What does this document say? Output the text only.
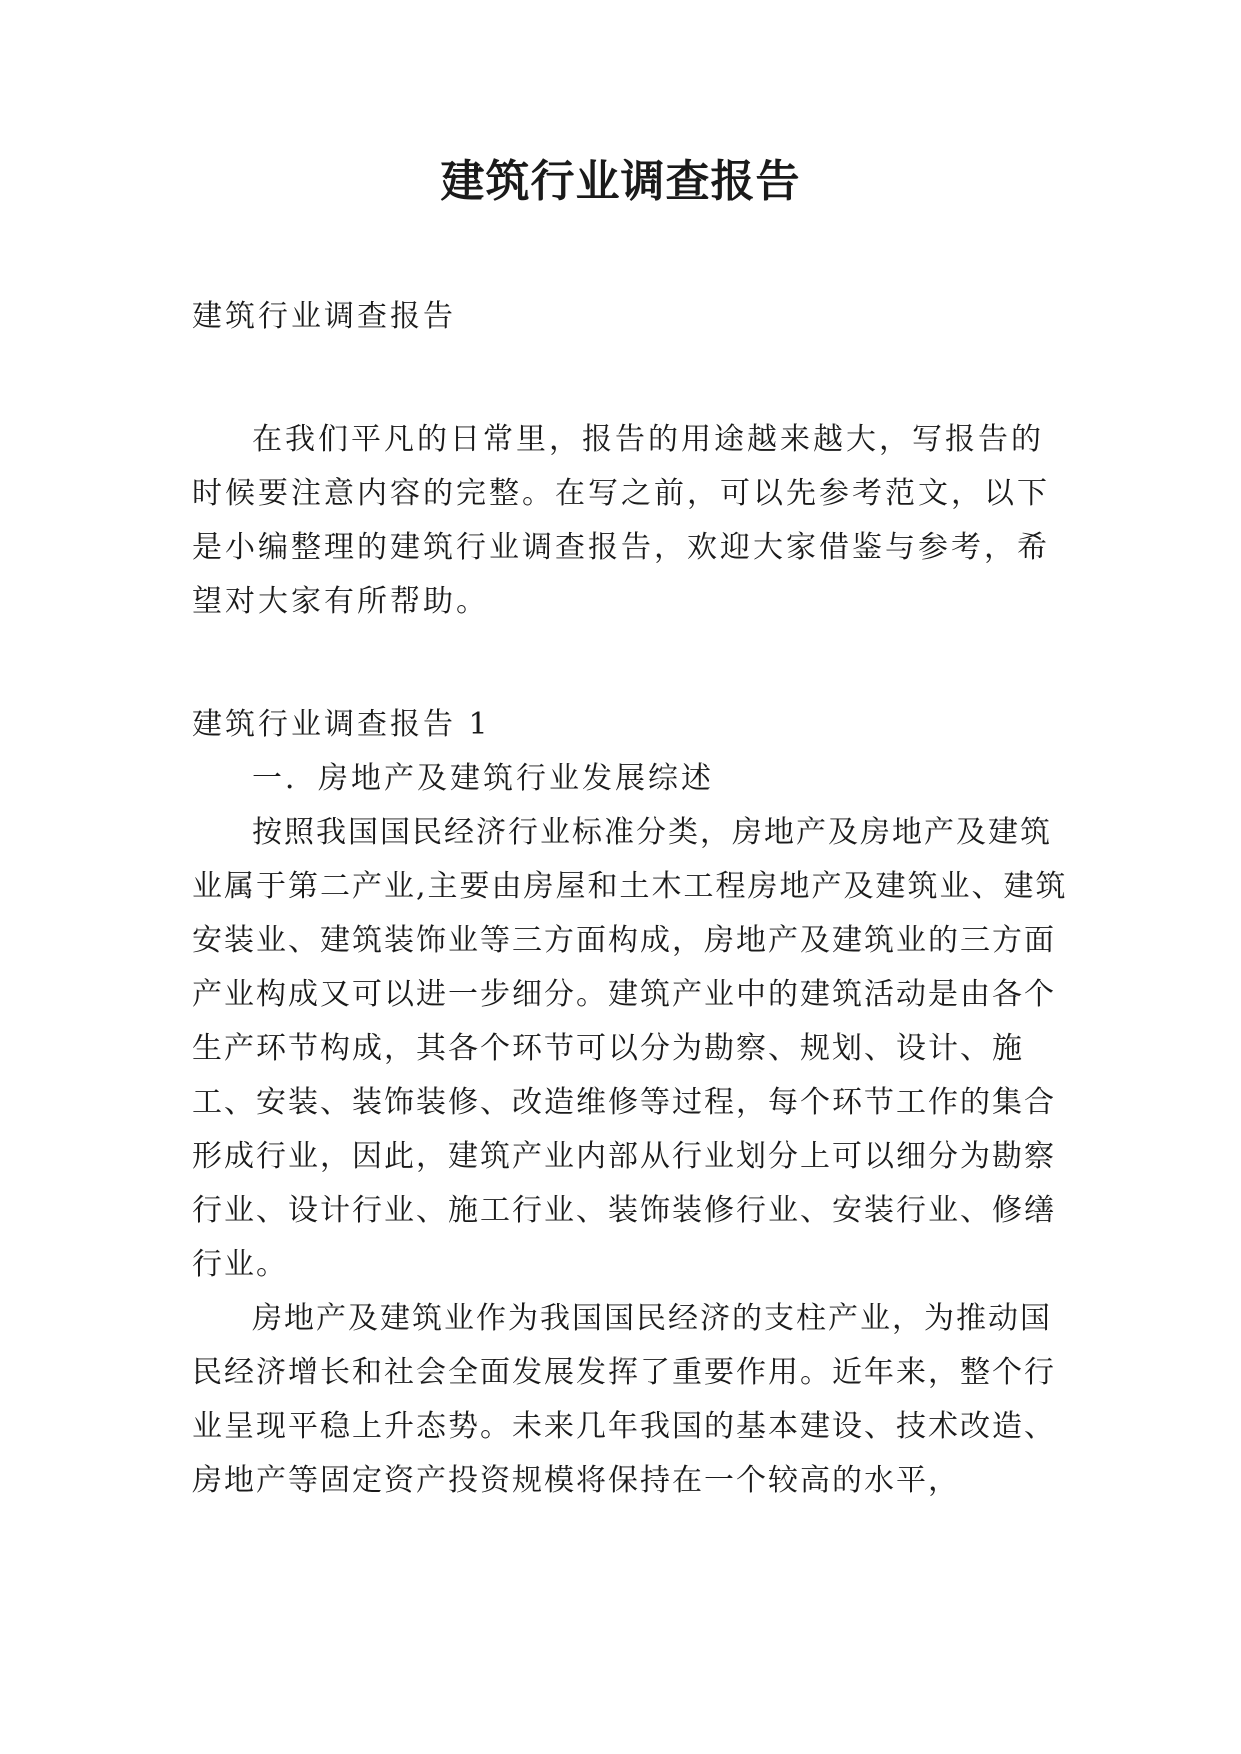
建筑行业调查报告

建筑行业调查报告

在我们平凡的日常里，报告的用途越来越大，写报告的时候要注意内容的完整。在写之前，可以先参考范文，以下是小编整理的建筑行业调查报告，欢迎大家借鉴与参考，希望对大家有所帮助。

建筑行业调查报告 1

一．房地产及建筑行业发展综述

按照我国国民经济行业标准分类，房地产及房地产及建筑业属于第二产业,主要由房屋和土木工程房地产及建筑业、建筑安装业、建筑装饰业等三方面构成，房地产及建筑业的三方面产业构成又可以进一步细分。建筑产业中的建筑活动是由各个生产环节构成，其各个环节可以分为勘察、规划、设计、施工、安装、装饰装修、改造维修等过程，每个环节工作的集合形成行业，因此，建筑产业内部从行业划分上可以细分为勘察行业、设计行业、施工行业、装饰装修行业、安装行业、修缮行业。

房地产及建筑业作为我国国民经济的支柱产业，为推动国民经济增长和社会全面发展发挥了重要作用。近年来，整个行业呈现平稳上升态势。未来几年我国的基本建设、技术改造、房地产等固定资产投资规模将保持在一个较高的水平，
